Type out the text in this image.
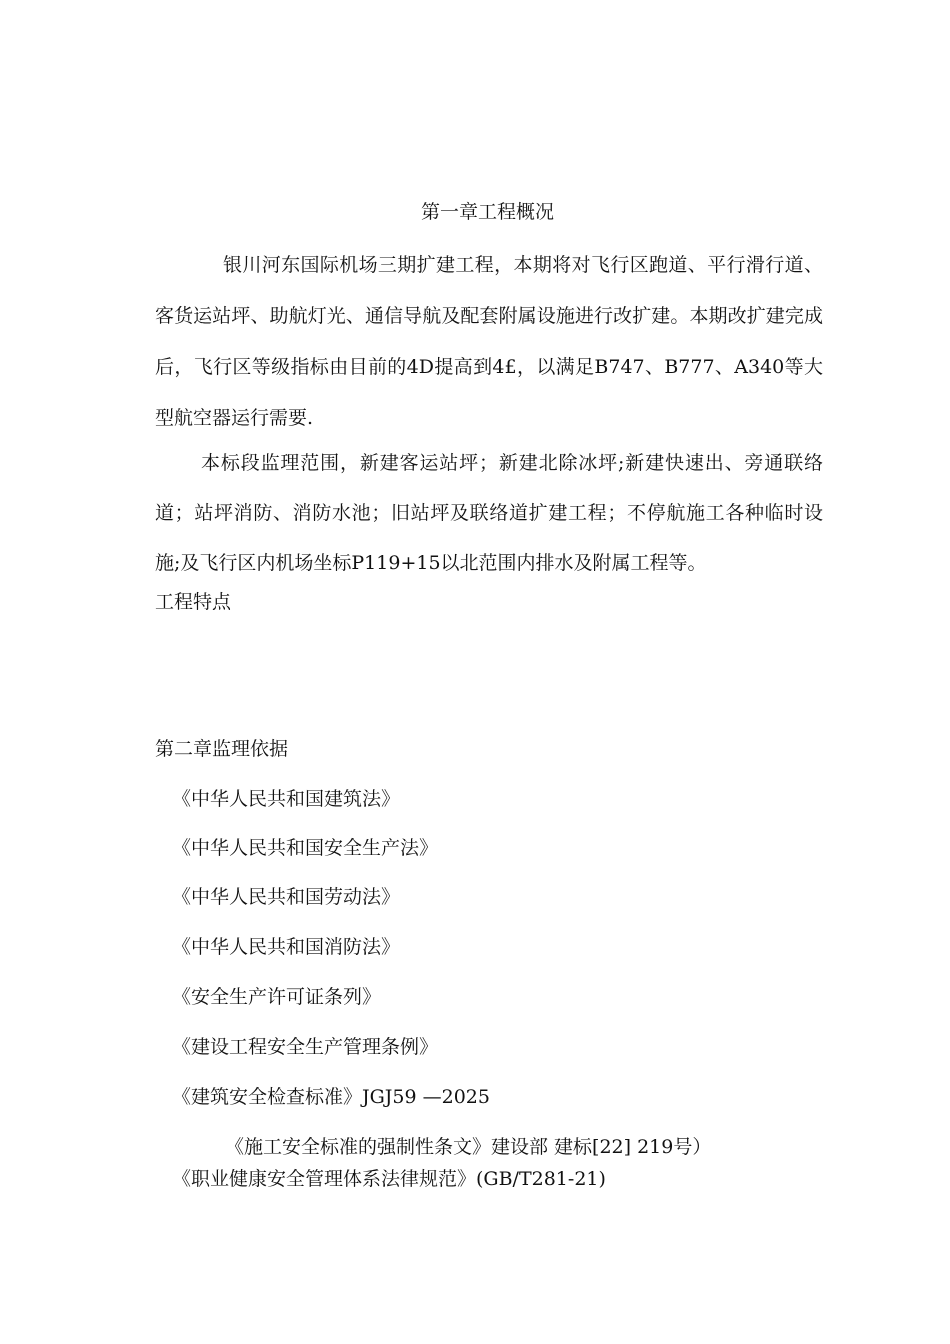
第一章工程概况

银川河东国际机场三期扩建工程，本期将对飞行区跑道、平行滑行道、客货运站坪、助航灯光、通信导航及配套附属设施进行改扩建。本期改扩建完成后，飞行区等级指标由目前的4D提高到4£，以满足B747、B777、A340等大型航空器运行需要.

本标段监理范围，新建客运站坪；新建北除冰坪;新建快速出、旁通联络道；站坪消防、消防水池；旧站坪及联络道扩建工程；不停航施工各种临时设施;及飞行区内机场坐标P119+15以北范围内排水及附属工程等。

工程特点

第二章监理依据

《中华人民共和国建筑法》

《中华人民共和国安全生产法》

《中华人民共和国劳动法》

《中华人民共和国消防法》

《安全生产许可证条列》

《建设工程安全生产管理条例》

《建筑安全检查标准》JGJ59 —2025

《施工安全标准的强制性条文》建设部 建标[22] 219号）

《职业健康安全管理体系法律规范》(GB/T281-21)
